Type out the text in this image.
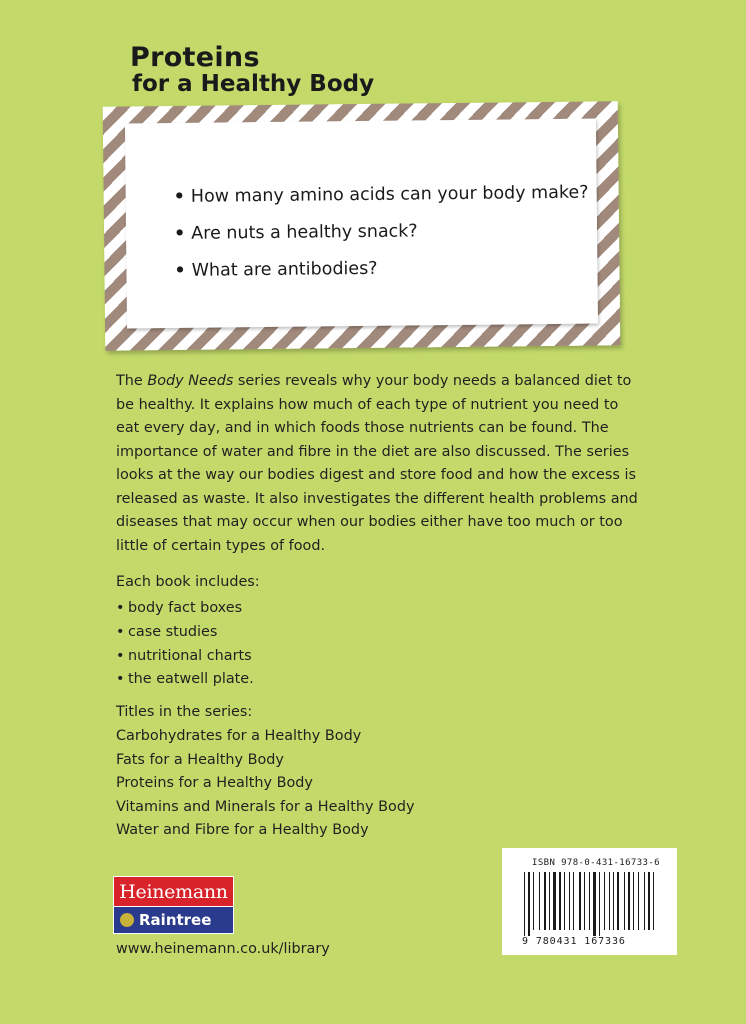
Proteins
for a Healthy Body
• How many amino acids can your body make?
• Are nuts a healthy snack?
• What are antibodies?

The Body Needs series reveals why your body needs a balanced diet to be healthy. It explains how much of each type of nutrient you need to eat every day, and in which foods those nutrients can be found. The importance of water and fibre in the diet are also discussed. The series looks at the way our bodies digest and store food and how the excess is released as waste. It also investigates the different health problems and diseases that may occur when our bodies either have too much or too little of certain types of food.

Each book includes:
• body fact boxes
• case studies
• nutritional charts
• the eatwell plate.
Titles in the series:
Carbohydrates for a Healthy Body
Fats for a Healthy Body
Proteins for a Healthy Body
Vitamins and Minerals for a Healthy Body
Water and Fibre for a Healthy Body
Heinemann
Raintree
www.heinemann.co.uk/library
ISBN 978-0-431-16733-6
9 780431 167336
